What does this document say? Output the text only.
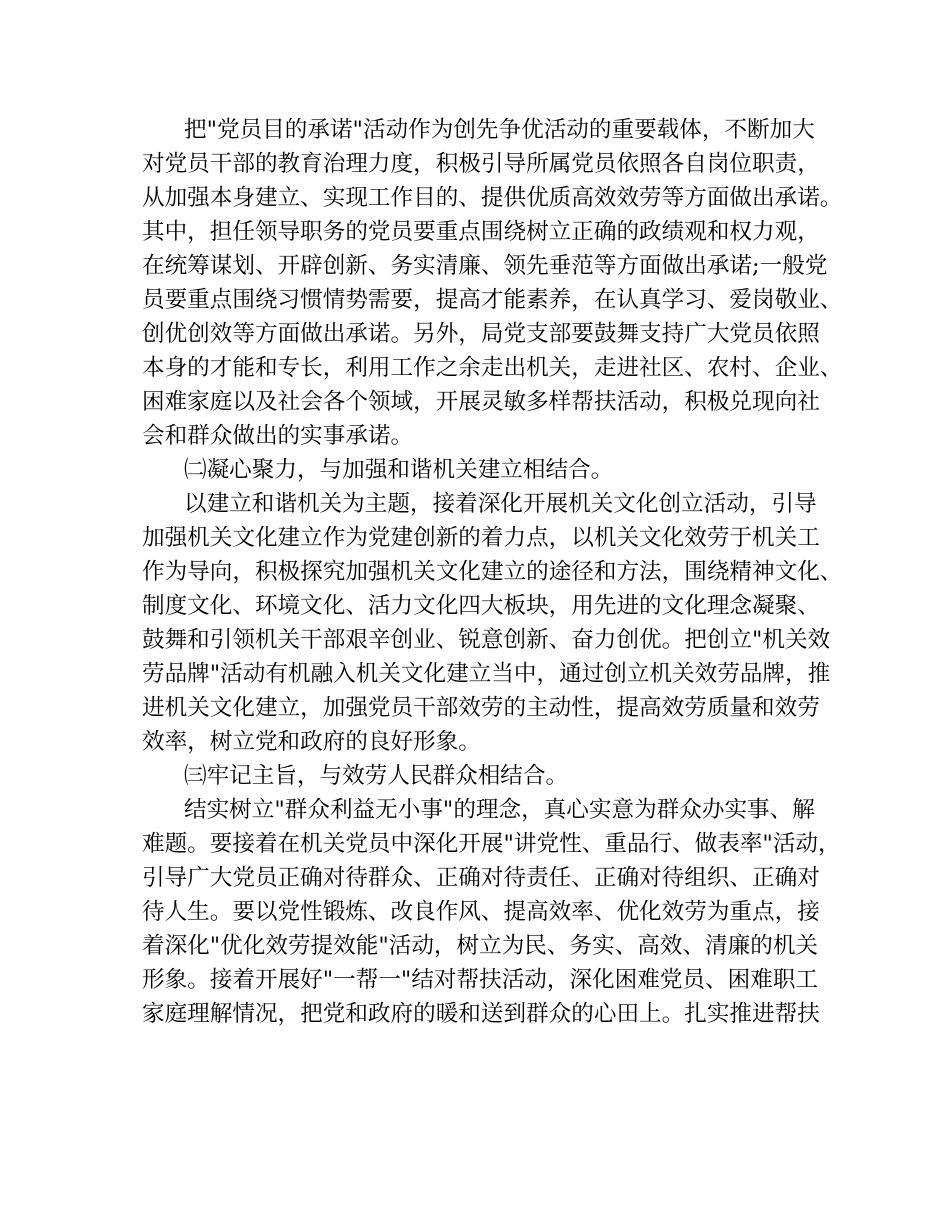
把"党员目的承诺"活动作为创先争优活动的重要载体，不断加大
对党员干部的教育治理力度，积极引导所属党员依照各自岗位职责，
从加强本身建立、实现工作目的、提供优质高效效劳等方面做出承诺。
其中，担任领导职务的党员要重点围绕树立正确的政绩观和权力观，
在统筹谋划、开辟创新、务实清廉、领先垂范等方面做出承诺;一般党
员要重点围绕习惯情势需要，提高才能素养，在认真学习、爱岗敬业、
创优创效等方面做出承诺。另外，局党支部要鼓舞支持广大党员依照
本身的才能和专长，利用工作之余走出机关，走进社区、农村、企业、
困难家庭以及社会各个领域，开展灵敏多样帮扶活动，积极兑现向社
会和群众做出的实事承诺。
㈡凝心聚力，与加强和谐机关建立相结合。
以建立和谐机关为主题，接着深化开展机关文化创立活动，引导
加强机关文化建立作为党建创新的着力点，以机关文化效劳于机关工
作为导向，积极探究加强机关文化建立的途径和方法，围绕精神文化、
制度文化、环境文化、活力文化四大板块，用先进的文化理念凝聚、
鼓舞和引领机关干部艰辛创业、锐意创新、奋力创优。把创立"机关效
劳品牌"活动有机融入机关文化建立当中，通过创立机关效劳品牌，推
进机关文化建立，加强党员干部效劳的主动性，提高效劳质量和效劳
效率，树立党和政府的良好形象。
㈢牢记主旨，与效劳人民群众相结合。
结实树立"群众利益无小事"的理念，真心实意为群众办实事、解
难题。要接着在机关党员中深化开展"讲党性、重品行、做表率"活动，
引导广大党员正确对待群众、正确对待责任、正确对待组织、正确对
待人生。要以党性锻炼、改良作风、提高效率、优化效劳为重点，接
着深化"优化效劳提效能"活动，树立为民、务实、高效、清廉的机关
形象。接着开展好"一帮一"结对帮扶活动，深化困难党员、困难职工
家庭理解情况，把党和政府的暖和送到群众的心田上。扎实推进帮扶
